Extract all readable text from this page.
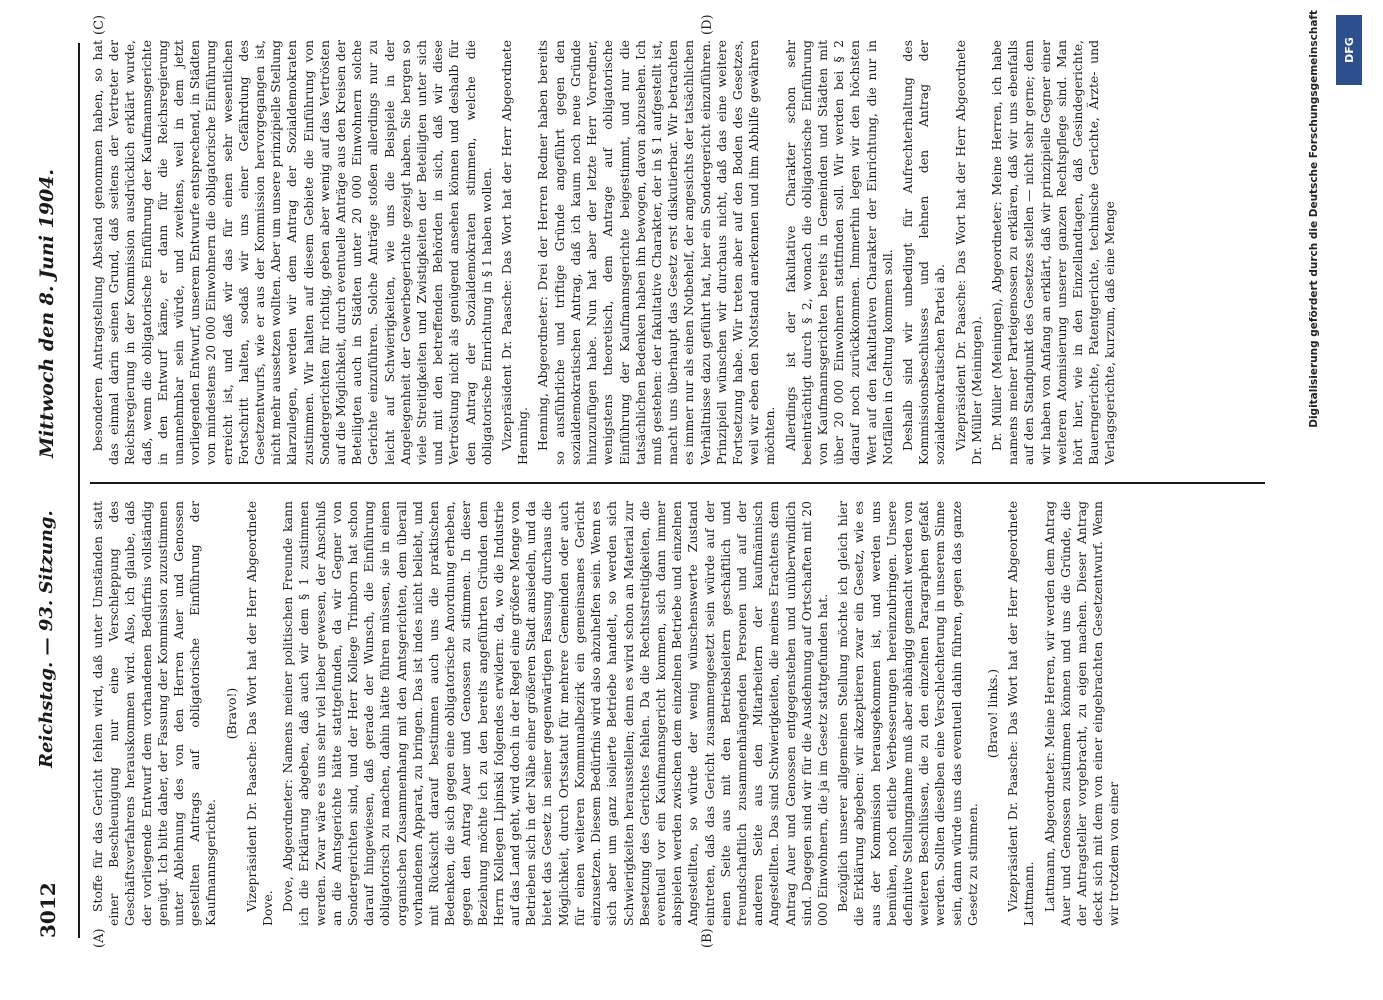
3012
Reichstag. — 93. Sitzung.
Mittwoch den 8. Juni 1904.
(A)	(B)
(C)	(D)

Stoffe für das Gericht fehlen wird, daß unter Umständen statt einer Beschleunigung nur eine Verschleppung des Geschäftsverfahrens herauskommen wird. Also, ich glaube, daß der vorliegende Entwurf dem vorhandenen Bedürfnis vollständig genügt. Ich bitte daher, der Fassung der Kommission zuzustimmen unter Ablehnung des von den Herren Auer und Genossen gestellten Antrags auf obligatorische Einführung der Kaufmannsgerichte.

(Bravo!) Vizepräsident Dr. Paasche: Das Wort hat der Herr Abgeordnete Dove. Dove, Abgeordneter: Namens meiner politischen Freunde kann ich die Erklärung abgeben, daß auch wir dem § 1 zustimmen werden. Zwar wäre es uns sehr viel lieber gewesen, der Anschluß an die Amtsgerichte hätte stattgefunden, da wir Gegner von Sondergerichten sind, und der Herr Kollege Trimborn hat schon darauf hingewiesen, daß gerade der Wunsch, die Einführung obligatorisch zu machen, dahin hätte führen müssen, sie in einen organischen Zusammenhang mit den Amtsgerichten, dem überall vorhandenen Apparat, zu bringen. Das ist indes nicht beliebt, und mit Rücksicht darauf bestimmen auch uns die praktischen Bedenken, die sich gegen eine obligatorische Anordnung erheben, gegen den Antrag Auer und Genossen zu stimmen. In dieser Beziehung möchte ich zu den bereits angeführten Gründen dem Herrn Kollegen Lipinski folgendes erwidern: da, wo die Industrie auf das Land geht, wird doch in der Regel eine größere Menge von Betrieben sich in der Nähe einer größeren Stadt ansiedeln, und da bietet das Gesetz in seiner gegenwärtigen Fassung durchaus die Möglichkeit, durch Ortsstatut für mehrere Gemeinden oder auch für einen weiteren Kommunalbezirk ein gemeinsames Gericht einzusetzen. Diesem Bedürfnis wird also abzuhelfen sein. Wenn es sich aber um ganz isolierte Betriebe handelt, so werden sich Schwierigkeiten herausstellen; denn es wird schon an Material zur Besetzung des Gerichtes fehlen. Da die Rechtsstreitigkeiten, die eventuell vor ein Kaufmannsgericht kommen, sich dann immer abspielen werden zwischen dem einzelnen Betriebe und einzelnen Angestellten, so würde der wenig wünschenswerte Zustand eintreten, daß das Gericht zusammengesetzt sein würde auf der einen Seite aus mit den Betriebsleitern geschäftlich und freundschaftlich zusammenhängenden Personen und auf der anderen Seite aus den Mitarbeitern der kaufmännisch Angestellten. Das sind Schwierigkeiten, die meines Erachtens dem Antrag Auer und Genossen entgegenstehen und unüberwindlich sind. Dagegen sind wir für die Ausdehnung auf Ortschaften mit 20 000 Einwohnern, die ja im Gesetz stattgefunden hat. Bezüglich unserer allgemeinen Stellung möchte ich gleich hier die Erklärung abgeben: wir akzeptieren zwar ein Gesetz, wie es aus der Kommission herausgekommen ist, und werden uns bemühen, noch etliche Verbesserungen hereinzubringen. Unsere definitive Stellungnahme muß aber abhängig gemacht werden von weiteren Beschlüssen, die zu den einzelnen Paragraphen gefaßt werden. Sollten dieselben eine Verschlechterung in unserem Sinne sein, dann würde uns das eventuell dahin führen, gegen das ganze Gesetz zu stimmen.

(Bravo! links.) Vizepräsident Dr. Paasche: Das Wort hat der Herr Abgeordnete Lattmann. Lattmann, Abgeordneter: Meine Herren, wir werden dem Antrag Auer und Genossen zustimmen können und uns die Gründe, die der Antragsteller vorgebracht, zu eigen machen. Dieser Antrag deckt sich mit dem von einer eingebrachten Gesetzentwurf. Wenn wir trotzdem von einer

besonderen Antragstellung Abstand genommen haben, so hat das einmal darin seinen Grund, daß seitens der Vertreter der Reichsregierung in der Kommission ausdrücklich erklärt wurde, daß, wenn die obligatorische Einführung der Kaufmannsgerichte in den Entwurf käme, er dann für die Reichsregierung unannehmbar sein würde, und zweitens, weil in dem jetzt vorliegenden Entwurf, unserem Entwurfe entsprechend, in Städten von mindestens 20 000 Einwohnern die obligatorische Einführung erreicht ist, und daß wir das für einen sehr wesentlichen Fortschritt halten, sodaß wir uns einer Gefährdung des Gesetzentwurfs, wie er aus der Kommission hervorgegangen ist, nicht mehr aussetzen wollten. Aber um unsere prinzipielle Stellung klarzulegen, werden wir dem Antrag der Sozialdemokraten zustimmen. Wir halten auf diesem Gebiete die Einführung von Sondergerichten für richtig, geben aber wenig auf das Vertrösten auf die Möglichkeit, durch eventuelle Anträge aus den Kreisen der Beteiligten auch in Städten unter 20 000 Einwohnern solche Gerichte einzuführen. Solche Anträge stoßen allerdings nur zu leicht auf Schwierigkeiten, wie uns die Beispiele in der Angelegenheit der Gewerbegerichte gezeigt haben. Sie bergen so viele Streitigkeiten und Zwistigkeiten der Beteiligten unter sich und mit den betreffenden Behörden in sich, daß wir diese Vertröstung nicht als genügend ansehen können und deshalb für den Antrag der Sozialdemokraten stimmen, welche die obligatorische Einrichtung in § 1 haben wollen. Vizepräsident Dr. Paasche: Das Wort hat der Herr Abgeordnete Henning. Henning, Abgeordneter: Drei der Herren Redner haben bereits so ausführliche und triftige Gründe angeführt gegen den sozialdemokratischen Antrag, daß ich kaum noch neue Gründe hinzuzufügen habe. Nun hat aber der letzte Herr Vorredner, wenigstens theoretisch, dem Antrage auf obligatorische Einführung der Kaufmannsgerichte beigestimmt, und nur die tatsächlichen Bedenken haben ihn bewogen, davon abzusehen. Ich muß gestehen: der fakultative Charakter, der in § 1 aufgestellt ist, macht uns überhaupt das Gesetz erst diskutierbar. Wir betrachten es immer nur als einen Notbehelf, der angesichts der tatsächlichen Verhältnisse dazu geführt hat, hier ein Sondergericht einzuführen. Prinzipiell wünschen wir durchaus nicht, daß das eine weitere Fortsetzung habe. Wir treten aber auf den Boden des Gesetzes, weil wir eben den Notstand anerkennen und ihm Abhilfe gewähren möchten. Allerdings ist der fakultative Charakter schon sehr beeinträchtigt durch § 2, wonach die obligatorische Einführung von Kaufmannsgerichten bereits in Gemeinden und Städten mit über 20 000 Einwohnern stattfinden soll. Wir werden bei § 2 darauf noch zurückkommen. Immerhin legen wir den höchsten Wert auf den fakultativen Charakter der Einrichtung, die nur in Notfällen in Geltung kommen soll. Deshalb sind wir unbedingt für Aufrechterhaltung des Kommissionsbeschlusses und lehnen den Antrag der sozialdemokratischen Partei ab. Vizepräsident Dr. Paasche: Das Wort hat der Herr Abgeordnete Dr. Müller (Meiningen). Dr. Müller (Meiningen), Abgeordneter: Meine Herren, ich habe namens meiner Parteigenossen zu erklären, daß wir uns ebenfalls auf den Standpunkt des Gesetzes stellen — nicht sehr gerne; denn wir haben von Anfang an erklärt, daß wir prinzipielle Gegner einer weiteren Atomisierung unserer ganzen Rechtspflege sind. Man hört hier, wie in den Einzellandtagen, daß Gesindegerichte, Bauerngerichte, Patentgerichte, technische Gerichte, Ärzte- und Verlagsgerichte, kurzum, daß eine Menge	Digitalisierung gefördert durch die Deutsche Forschungsgemeinschaft	DFG
